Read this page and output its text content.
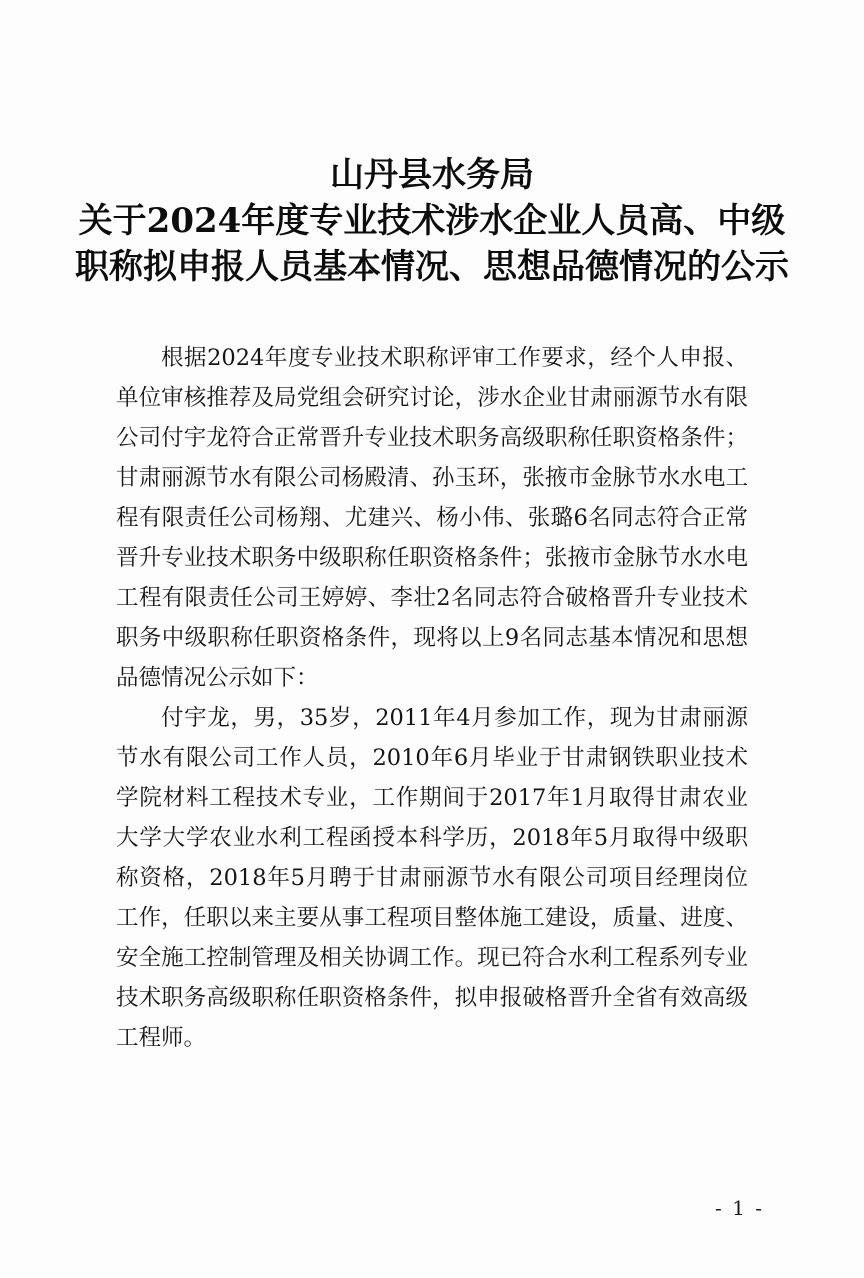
山丹县水务局
关于2024年度专业技术涉水企业人员高、中级
职称拟申报人员基本情况、思想品德情况的公示

根据2024年度专业技术职称评审工作要求，经个人申报、单位审核推荐及局党组会研究讨论，涉水企业甘肃丽源节水有限公司付宇龙符合正常晋升专业技术职务高级职称任职资格条件；甘肃丽源节水有限公司杨殿清、孙玉环，张掖市金脉节水水电工程有限责任公司杨翔、尤建兴、杨小伟、张璐6名同志符合正常晋升专业技术职务中级职称任职资格条件；张掖市金脉节水水电工程有限责任公司王婷婷、李壮2名同志符合破格晋升专业技术职务中级职称任职资格条件，现将以上9名同志基本情况和思想品德情况公示如下：

付宇龙，男，35岁，2011年4月参加工作，现为甘肃丽源节水有限公司工作人员，2010年6月毕业于甘肃钢铁职业技术学院材料工程技术专业，工作期间于2017年1月取得甘肃农业大学大学农业水利工程函授本科学历，2018年5月取得中级职称资格，2018年5月聘于甘肃丽源节水有限公司项目经理岗位工作，任职以来主要从事工程项目整体施工建设，质量、进度、安全施工控制管理及相关协调工作。现已符合水利工程系列专业技术职务高级职称任职资格条件，拟申报破格晋升全省有效高级工程师。

- 1 -
